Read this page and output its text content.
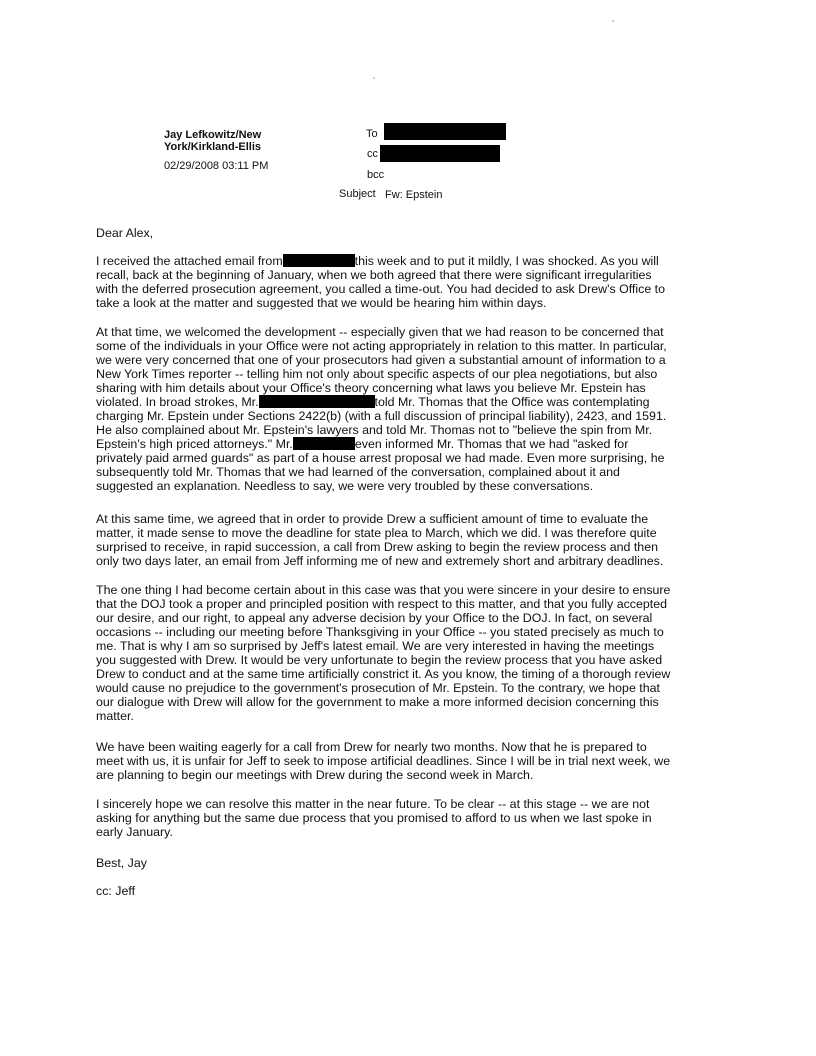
Jay Lefkowitz/New
York/Kirkland-Ellis
02/29/2008 03:11 PM
To
cc
bcc
Subject Fw: Epstein
Dear Alex,
I received the attached email from	this week and to put it mildly, I was shocked. As you will
recall, back at the beginning of January, when we both agreed that there were significant irregularities
with the deferred prosecution agreement, you called a time-out. You had decided to ask Drew's Office to
take a look at the matter and suggested that we would be hearing him within days.
At that time, we welcomed the development -- especially given that we had reason to be concerned that
some of the individuals in your Office were not acting appropriately in relation to this matter. In particular,
we were very concerned that one of your prosecutors had given a substantial amount of information to a
New York Times reporter -- telling him not only about specific aspects of our plea negotiations, but also
sharing with him details about your Office's theory concerning what laws you believe Mr. Epstein has
violated. In broad strokes, Mr.	told Mr. Thomas that the Office was contemplating
charging Mr. Epstein under Sections 2422(b) (with a full discussion of principal liability), 2423, and 1591.
He also complained about Mr. Epstein's lawyers and told Mr. Thomas not to "believe the spin from Mr.
Epstein's high priced attorneys." Mr.	even informed Mr. Thomas that we had "asked for
privately paid armed guards" as part of a house arrest proposal we had made. Even more surprising, he
subsequently told Mr. Thomas that we had learned of the conversation, complained about it and
suggested an explanation. Needless to say, we were very troubled by these conversations.
At this same time, we agreed that in order to provide Drew a sufficient amount of time to evaluate the
matter, it made sense to move the deadline for state plea to March, which we did. I was therefore quite
surprised to receive, in rapid succession, a call from Drew asking to begin the review process and then
only two days later, an email from Jeff informing me of new and extremely short and arbitrary deadlines.
The one thing I had become certain about in this case was that you were sincere in your desire to ensure
that the DOJ took a proper and principled position with respect to this matter, and that you fully accepted
our desire, and our right, to appeal any adverse decision by your Office to the DOJ. In fact, on several
occasions -- including our meeting before Thanksgiving in your Office -- you stated precisely as much to
me. That is why I am so surprised by Jeff's latest email. We are very interested in having the meetings
you suggested with Drew. It would be very unfortunate to begin the review process that you have asked
Drew to conduct and at the same time artificially constrict it. As you know, the timing of a thorough review
would cause no prejudice to the government's prosecution of Mr. Epstein. To the contrary, we hope that
our dialogue with Drew will allow for the government to make a more informed decision concerning this
matter.
We have been waiting eagerly for a call from Drew for nearly two months. Now that he is prepared to
meet with us, it is unfair for Jeff to seek to impose artificial deadlines. Since I will be in trial next week, we
are planning to begin our meetings with Drew during the second week in March.
I sincerely hope we can resolve this matter in the near future. To be clear -- at this stage -- we are not
asking for anything but the same due process that you promised to afford to us when we last spoke in
early January.
Best, Jay
cc: Jeff
